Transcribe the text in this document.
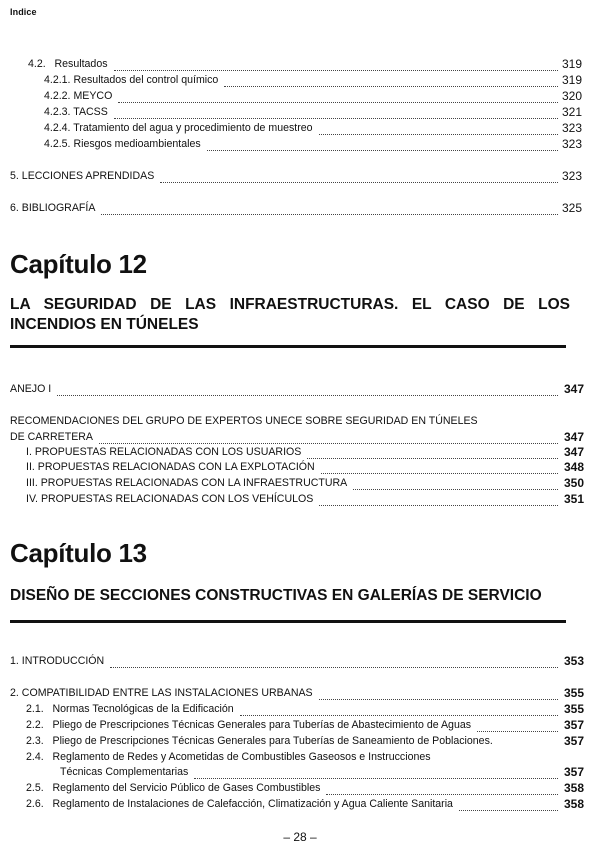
Indice
4.2. Resultados	319
4.2.1. Resultados del control químico	319
4.2.2. MEYCO	320
4.2.3. TACSS	321
4.2.4. Tratamiento del agua y procedimiento de muestreo	323
4.2.5. Riesgos medioambientales	323
5. LECCIONES APRENDIDAS	323
6. BIBLIOGRAFÍA	325
Capítulo 12
LA SEGURIDAD DE LAS INFRAESTRUCTURAS. EL CASO DE LOS INCENDIOS EN TÚNELES
ANEJO I	347
RECOMENDACIONES DEL GRUPO DE EXPERTOS UNECE SOBRE SEGURIDAD EN TÚNELES
DE CARRETERA	347
I. PROPUESTAS RELACIONADAS CON LOS USUARIOS	347
II. PROPUESTAS RELACIONADAS CON LA EXPLOTACIÓN	348
III. PROPUESTAS RELACIONADAS CON LA INFRAESTRUCTURA	350
IV. PROPUESTAS RELACIONADAS CON LOS VEHÍCULOS	351
Capítulo 13
DISEÑO DE SECCIONES CONSTRUCTIVAS EN GALERÍAS DE SERVICIO
1. INTRODUCCIÓN	353
2. COMPATIBILIDAD ENTRE LAS INSTALACIONES URBANAS	355
2.1. Normas Tecnológicas de la Edificación	355
2.2. Pliego de Prescripciones Técnicas Generales para Tuberías de Abastecimiento de Aguas	357
2.3. Pliego de Prescripciones Técnicas Generales para Tuberías de Saneamiento de Poblaciones.	357
2.4. Reglamento de Redes y Acometidas de Combustibles Gaseosos e Instrucciones
Técnicas Complementarias	357
2.5. Reglamento del Servicio Público de Gases Combustibles	358
2.6. Reglamento de Instalaciones de Calefacción, Climatización y Agua Caliente Sanitaria	358
– 28 –
